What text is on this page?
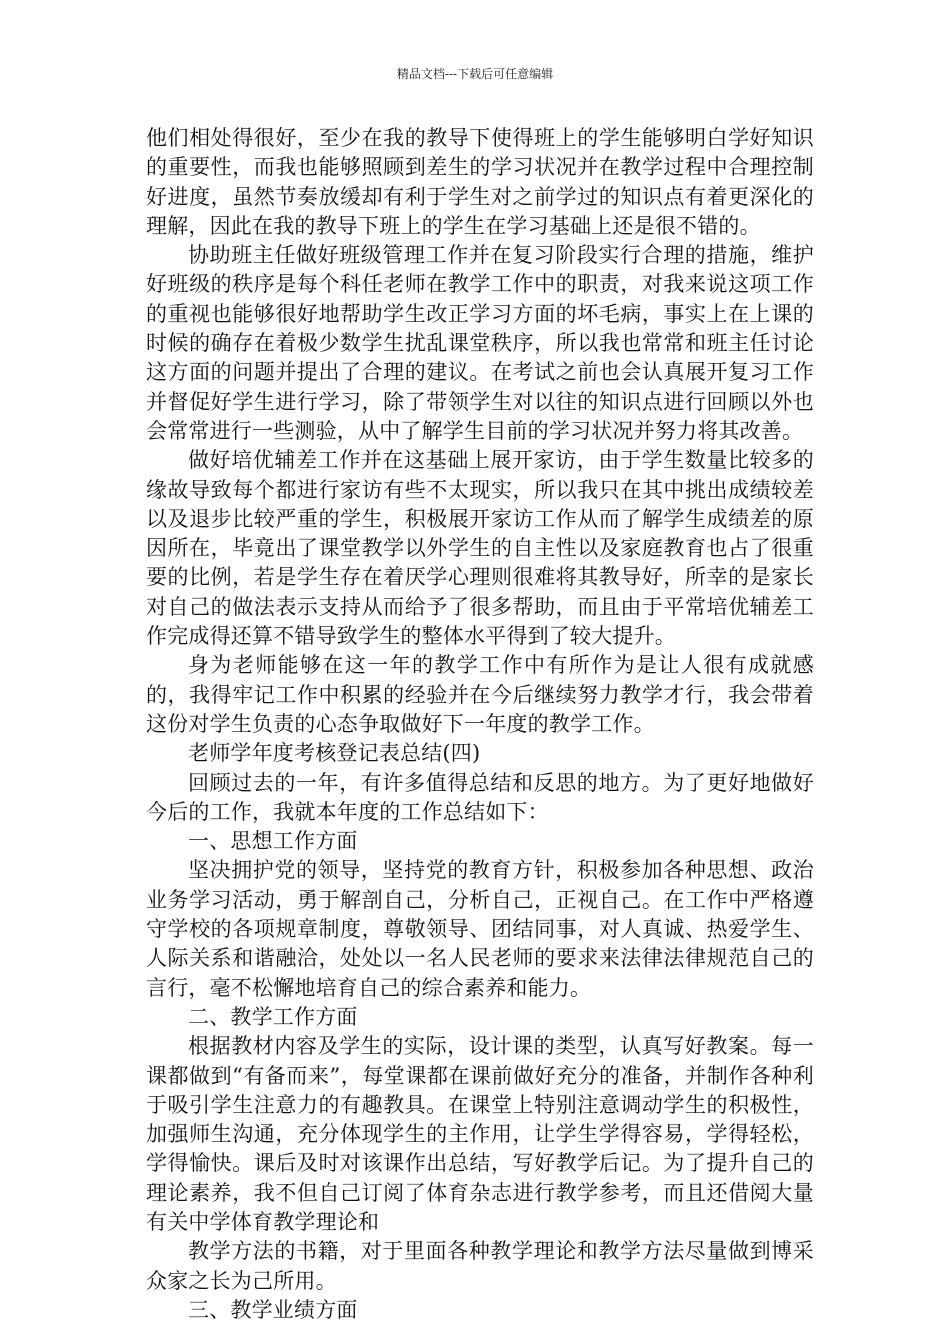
精品文档---下载后可任意编辑

他们相处得很好，至少在我的教导下使得班上的学生能够明白学好知识的重要性，而我也能够照顾到差生的学习状况并在教学过程中合理控制好进度，虽然节奏放缓却有利于学生对之前学过的知识点有着更深化的理解，因此在我的教导下班上的学生在学习基础上还是很不错的。

协助班主任做好班级管理工作并在复习阶段实行合理的措施，维护好班级的秩序是每个科任老师在教学工作中的职责，对我来说这项工作的重视也能够很好地帮助学生改正学习方面的坏毛病，事实上在上课的时候的确存在着极少数学生扰乱课堂秩序，所以我也常常和班主任讨论这方面的问题并提出了合理的建议。在考试之前也会认真展开复习工作并督促好学生进行学习，除了带领学生对以往的知识点进行回顾以外也会常常进行一些测验，从中了解学生目前的学习状况并努力将其改善。

做好培优辅差工作并在这基础上展开家访，由于学生数量比较多的缘故导致每个都进行家访有些不太现实，所以我只在其中挑出成绩较差以及退步比较严重的学生，积极展开家访工作从而了解学生成绩差的原因所在，毕竟出了课堂教学以外学生的自主性以及家庭教育也占了很重要的比例，若是学生存在着厌学心理则很难将其教导好，所幸的是家长对自己的做法表示支持从而给予了很多帮助，而且由于平常培优辅差工作完成得还算不错导致学生的整体水平得到了较大提升。

身为老师能够在这一年的教学工作中有所作为是让人很有成就感的，我得牢记工作中积累的经验并在今后继续努力教学才行，我会带着这份对学生负责的心态争取做好下一年度的教学工作。

老师学年度考核登记表总结(四)

回顾过去的一年，有许多值得总结和反思的地方。为了更好地做好今后的工作，我就本年度的工作总结如下：

一、思想工作方面

坚决拥护党的领导，坚持党的教育方针，积极参加各种思想、政治业务学习活动，勇于解剖自己，分析自己，正视自己。在工作中严格遵守学校的各项规章制度，尊敬领导、团结同事，对人真诚、热爱学生、人际关系和谐融洽，处处以一名人民老师的要求来法律法律规范自己的言行，毫不松懈地培育自己的综合素养和能力。

二、教学工作方面

根据教材内容及学生的实际，设计课的类型，认真写好教案。每一课都做到“有备而来”，每堂课都在课前做好充分的准备，并制作各种利于吸引学生注意力的有趣教具。在课堂上特别注意调动学生的积极性，加强师生沟通，充分体现学生的主作用，让学生学得容易，学得轻松，学得愉快。课后及时对该课作出总结，写好教学后记。为了提升自己的理论素养，我不但自己订阅了体育杂志进行教学参考，而且还借阅大量有关中学体育教学理论和

教学方法的书籍，对于里面各种教学理论和教学方法尽量做到博采众家之长为己所用。

三、教学业绩方面
